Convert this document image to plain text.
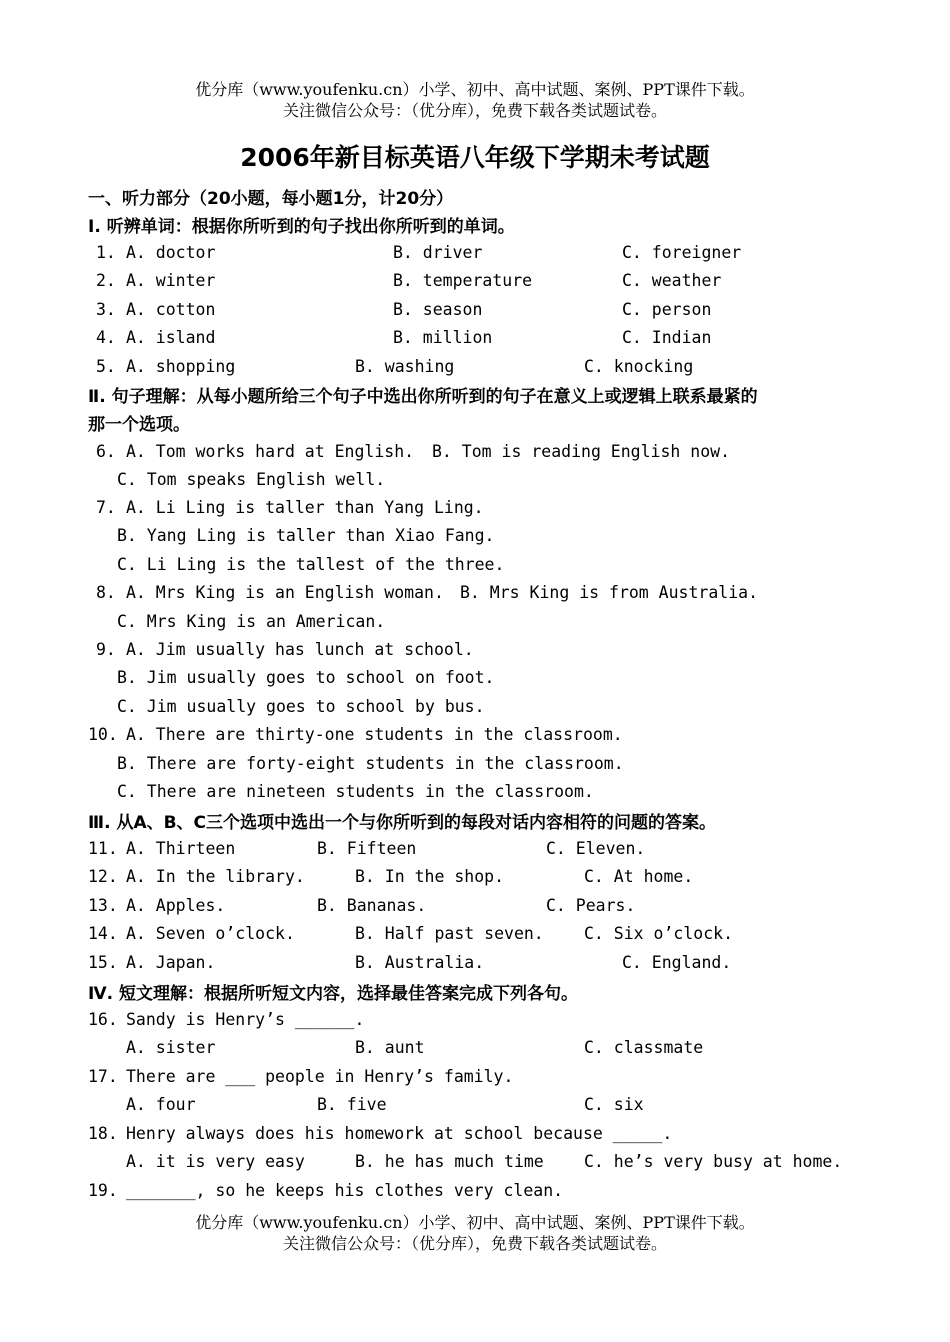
优分库（www.youfenku.cn）小学、初中、高中试题、案例、PPT课件下载。
关注微信公众号：（优分库），免费下载各类试题试卷。
2006年新目标英语八年级下学期未考试题
一、听力部分（20小题，每小题1分，计20分）
Ⅰ. 听辨单词：根据你所听到的句子找出你所听到的单词。
1. A. doctor	B. driver	C. foreigner
2. A. winter	B. temperature	C. weather
3. A. cotton	B. season	C. person
4. A. island	B. million	C. Indian
5. A. shopping	B. washing	C. knocking
Ⅱ. 句子理解：从每小题所给三个句子中选出你所听到的句子在意义上或逻辑上联系最紧的
那一个选项。
6. A. Tom works hard at English. B. Tom is reading English now.
C. Tom speaks English well.
7. A. Li Ling is taller than Yang Ling.
B. Yang Ling is taller than Xiao Fang.
C. Li Ling is the tallest of the three.
8. A. Mrs King is an English woman. B. Mrs King is from Australia.
C. Mrs King is an American.
9. A. Jim usually has lunch at school.
B. Jim usually goes to school on foot.
C. Jim usually goes to school by bus.
10. A. There are thirty-one students in the classroom.
B. There are forty-eight students in the classroom.
C. There are nineteen students in the classroom.
Ⅲ. 从A、B、C三个选项中选出一个与你所听到的每段对话内容相符的问题的答案。
11. A. Thirteen	B. Fifteen	C. Eleven.
12. A. In the library.	B. In the shop.	C. At home.
13. A. Apples.	B. Bananas.	C. Pears.
14. A. Seven o’clock.	B. Half past seven. C. Six o’clock.
15. A. Japan.	B. Australia.	C. England.
Ⅳ. 短文理解：根据所听短文内容，选择最佳答案完成下列各句。
16. Sandy is Henry’s ______.
A. sister	B. aunt	C. classmate
17. There are ___ people in Henry’s family.
A. four	B. five	C. six
18. Henry always does his homework at school because _____.
A. it is very easy	B. he has much time C. he’s very busy at home.
19. _______, so he keeps his clothes very clean.
优分库（www.youfenku.cn）小学、初中、高中试题、案例、PPT课件下载。
关注微信公众号：（优分库），免费下载各类试题试卷。
